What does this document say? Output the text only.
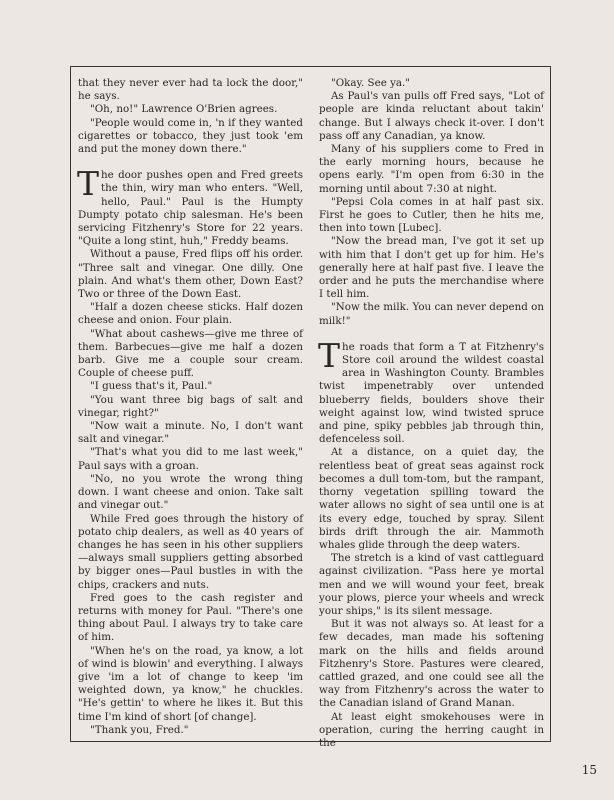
that they never ever had ta lock the door," he says.

"Oh, no!" Lawrence O'Brien agrees.

"People would come in, 'n if they wanted cigarettes or tobacco, they just took 'em and put the money down there."

The door pushes open and Fred greets the thin, wiry man who enters. "Well, hello, Paul." Paul is the Humpty Dumpty potato chip salesman. He's been servicing Fitzhenry's Store for 22 years. "Quite a long stint, huh," Freddy beams.

Without a pause, Fred flips off his order. "Three salt and vinegar. One dilly. One plain. And what's them other, Down East? Two or three of the Down East.

"Half a dozen cheese sticks. Half dozen cheese and onion. Four plain.

"What about cashews—give me three of them. Barbecues—give me half a dozen barb. Give me a couple sour cream. Couple of cheese puff.

"I guess that's it, Paul."

"You want three big bags of salt and vinegar, right?"

"Now wait a minute. No, I don't want salt and vinegar."

"That's what you did to me last week," Paul says with a groan.

"No, no you wrote the wrong thing down. I want cheese and onion. Take salt and vinegar out."

While Fred goes through the history of potato chip dealers, as well as 40 years of changes he has seen in his other suppliers—always small suppliers getting absorbed by bigger ones—Paul bustles in with the chips, crackers and nuts.

Fred goes to the cash register and returns with money for Paul. "There's one thing about Paul. I always try to take care of him.

"When he's on the road, ya know, a lot of wind is blowin' and everything. I always give 'im a lot of change to keep 'im weighted down, ya know," he chuckles. "He's gettin' to where he likes it. But this time I'm kind of short [of change].

"Thank you, Fred."

"Okay. See ya."

As Paul's van pulls off Fred says, "Lot of people are kinda reluctant about takin' change. But I always check it-over. I don't pass off any Canadian, ya know.

Many of his suppliers come to Fred in the early morning hours, because he opens early. "I'm open from 6:30 in the morning until about 7:30 at night.

"Pepsi Cola comes in at half past six. First he goes to Cutler, then he hits me, then into town [Lubec].

"Now the bread man, I've got it set up with him that I don't get up for him. He's generally here at half past five. I leave the order and he puts the merchandise where I tell him.

"Now the milk. You can never depend on milk!"

The roads that form a T at Fitzhenry's Store coil around the wildest coastal area in Washington County. Brambles twist impenetrably over untended blueberry fields, boulders shove their weight against low, wind twisted spruce and pine, spiky pebbles jab through thin, defenceless soil.

At a distance, on a quiet day, the relentless beat of great seas against rock becomes a dull tom-tom, but the rampant, thorny vegetation spilling toward the water allows no sight of sea until one is at its every edge, touched by spray. Silent birds drift through the air. Mammoth whales glide through the deep waters.

The stretch is a kind of vast cattleguard against civilization. "Pass here ye mortal men and we will wound your feet, break your plows, pierce your wheels and wreck your ships," is its silent message.

But it was not always so. At least for a few decades, man made his softening mark on the hills and fields around Fitzhenry's Store. Pastures were cleared, cattled grazed, and one could see all the way from Fitzhenry's across the water to the Canadian island of Grand Manan.

At least eight smokehouses were in operation, curing the herring caught in the

15
